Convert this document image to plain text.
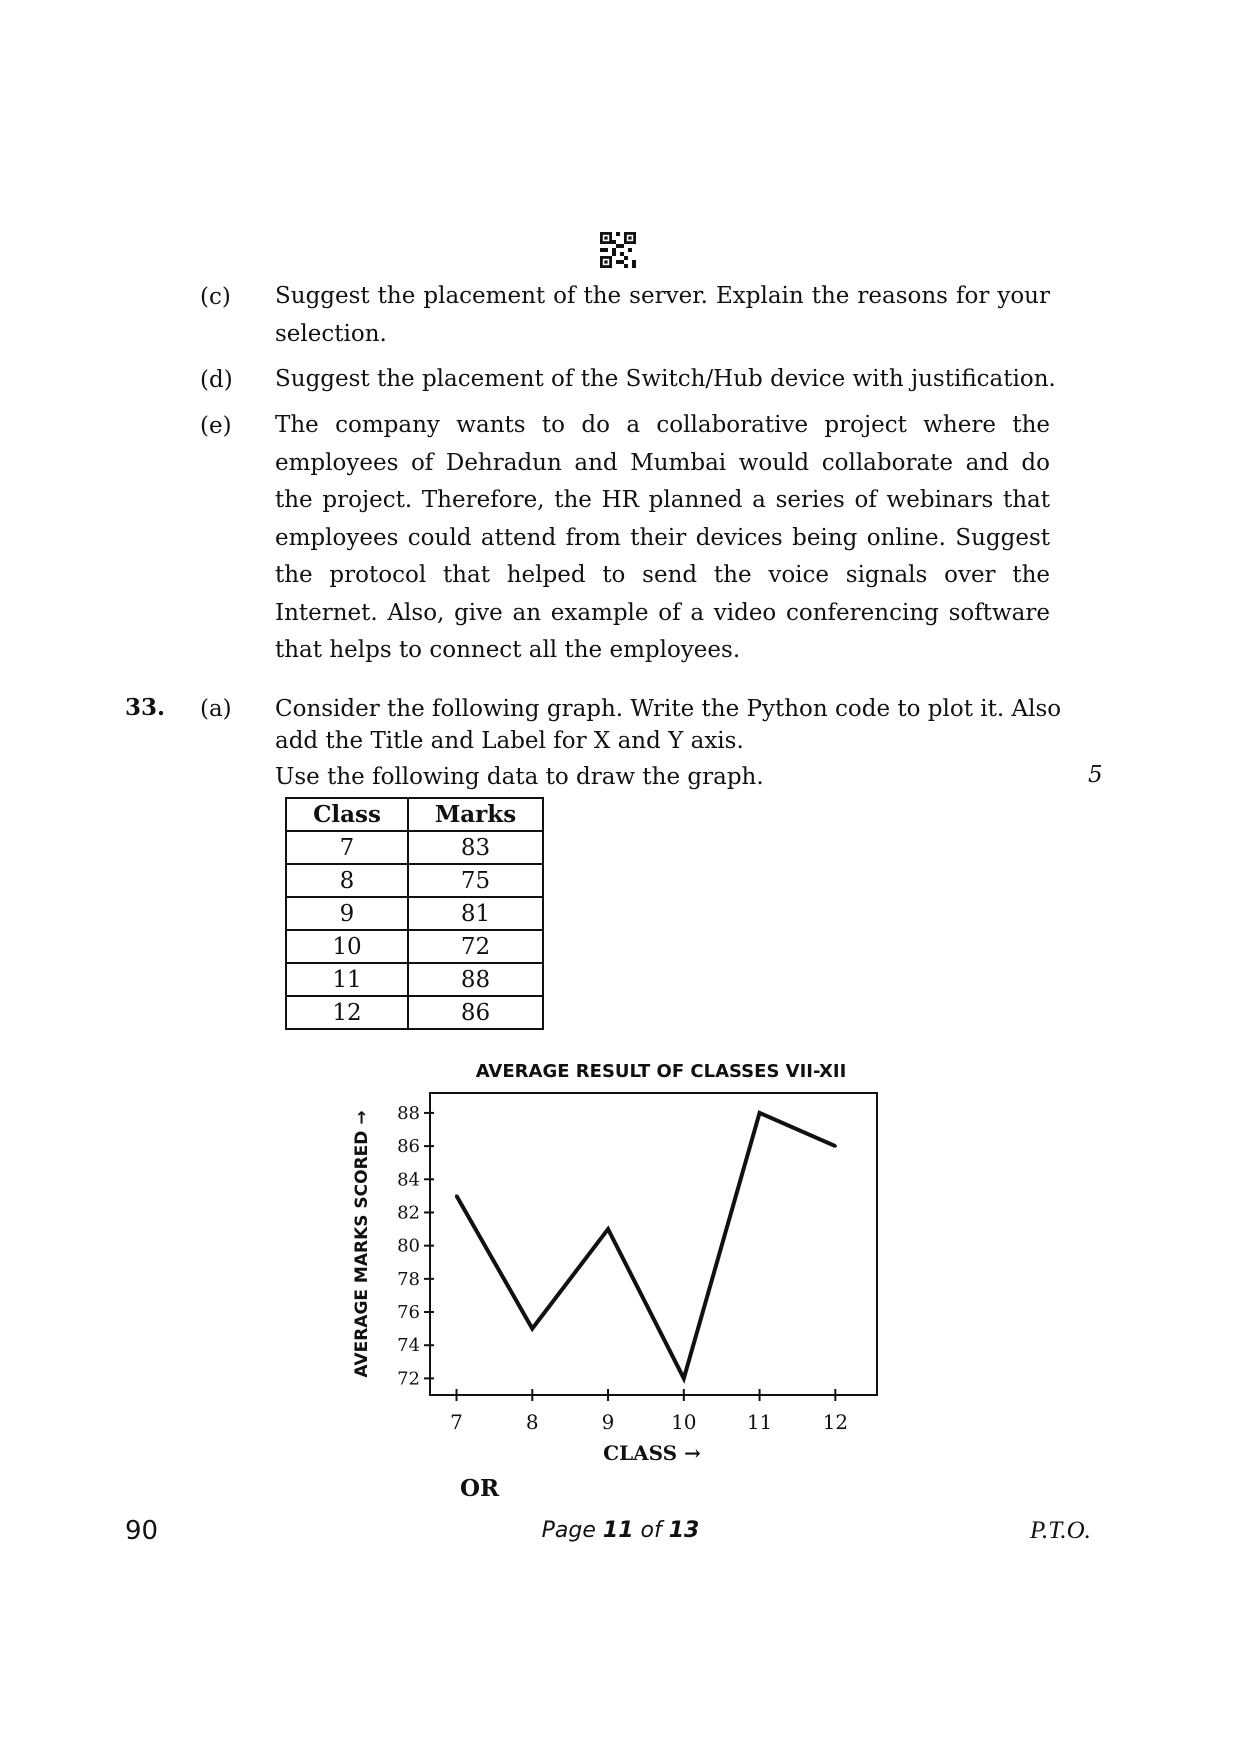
(c) Suggest the placement of the server. Explain the reasons for your selection.
(d) Suggest the placement of the Switch/Hub device with justification.
(e) The company wants to do a collaborative project where the employees of Dehradun and Mumbai would collaborate and do the project. Therefore, the HR planned a series of webinars that employees could attend from their devices being online. Suggest the protocol that helped to send the voice signals over the Internet. Also, give an example of a video conferencing software that helps to connect all the employees.
33. (a) Consider the following graph. Write the Python code to plot it. Also
add the Title and Label for X and Y axis.
Use the following data to draw the graph.	5
Class	Marks
7	83
8	75
9	81
10	72
11	88
12	86
AVERAGE RESULT OF CLASSES VII-XII
AVERAGE MARKS SCORED →
CLASS →
72
74
76
78
80
82
84
86
88
7	8	9	10	11	12
OR
90	Page 11 of 13	P.T.O.
